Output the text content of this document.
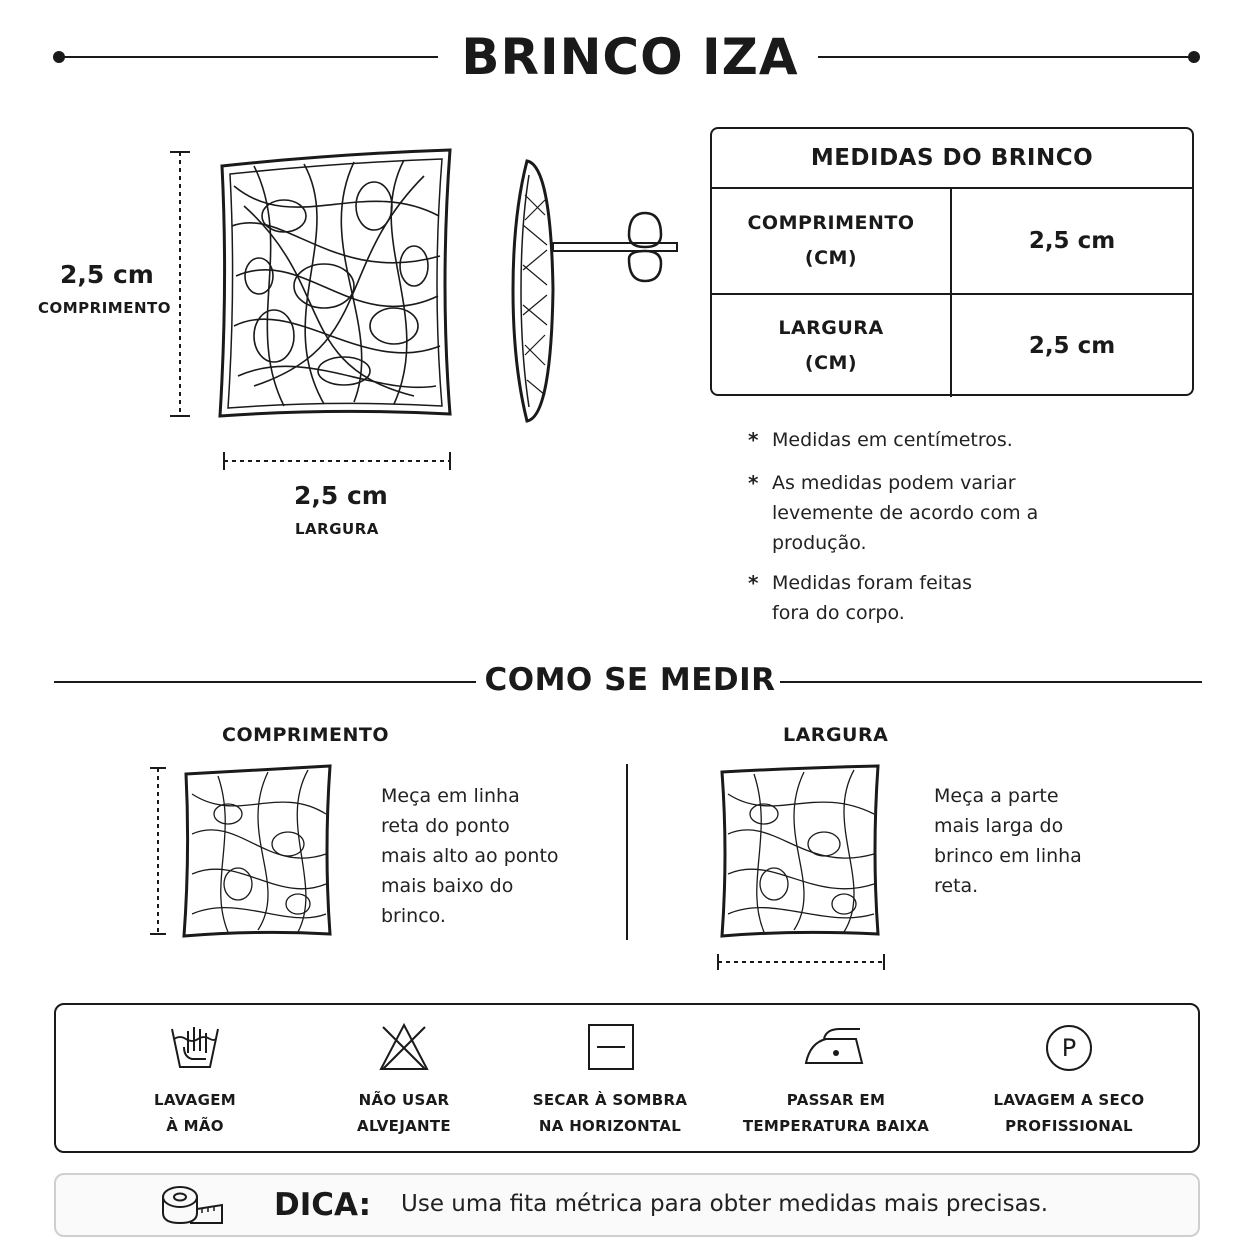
BRINCO IZA
2,5 cm
COMPRIMENTO
2,5 cm
LARGURA
MEDIDAS DO BRINCO
COMPRIMENTO
(CM)
2,5 cm
LARGURA
(CM)
2,5 cm
* Medidas em centímetros.
* As medidas podem variar levemente de acordo com a produção.
* Medidas foram feitas fora do corpo.
COMO SE MEDIR
COMPRIMENTO	LARGURA
Meça em linha reta do ponto mais alto ao ponto mais baixo do brinco.
Meça a parte mais larga do brinco em linha reta.
LAVAGEM
À MÃO
NÃO USAR
ALVEJANTE
SECAR À SOMBRA
NA HORIZONTAL
PASSAR EM
TEMPERATURA BAIXA
P
LAVAGEM A SECO
PROFISSIONAL
DICA: Use uma fita métrica para obter medidas mais precisas.
